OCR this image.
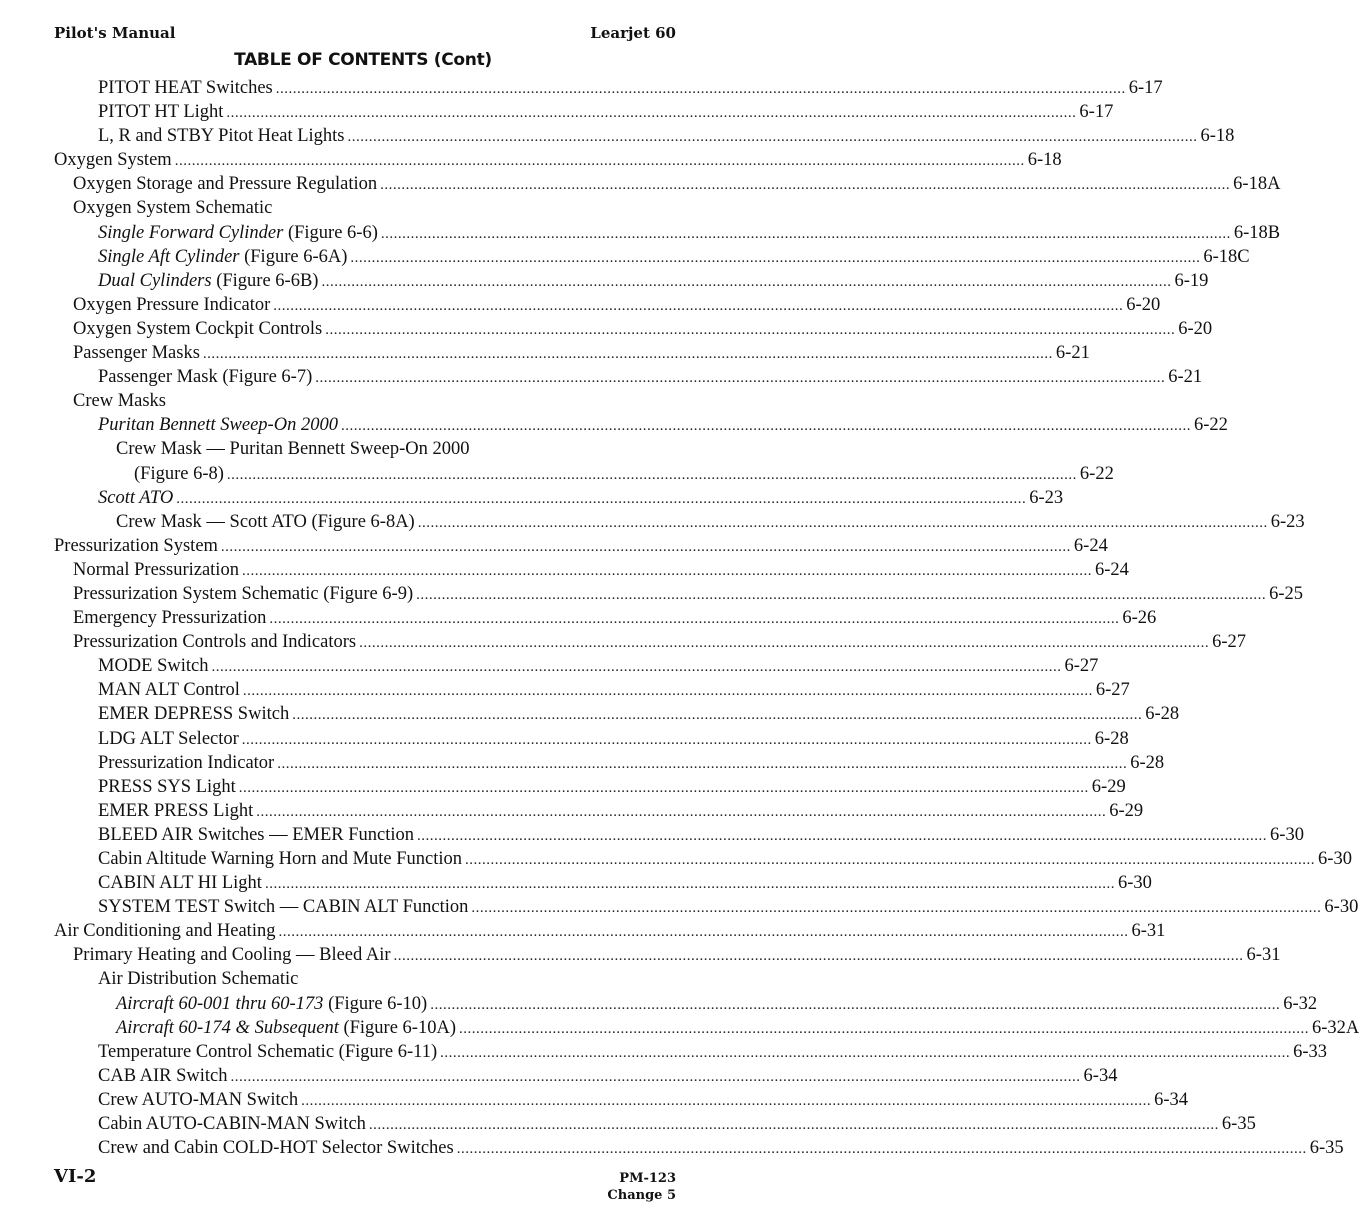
Pilot's Manual	Learjet 60
TABLE OF CONTENTS (Cont)
PITOT HEAT Switches ........................................................................................................................................................................................................ 6-17
PITOT HT Light ........................................................................................................................................................................................................ 6-17
L, R and STBY Pitot Heat Lights ........................................................................................................................................................................................................ 6-18
Oxygen System ........................................................................................................................................................................................................ 6-18
Oxygen Storage and Pressure Regulation ........................................................................................................................................................................................................ 6-18A
Oxygen System Schematic
Single Forward Cylinder (Figure 6-6) ........................................................................................................................................................................................................ 6-18B
Single Aft Cylinder (Figure 6-6A) ........................................................................................................................................................................................................ 6-18C
Dual Cylinders (Figure 6-6B) ........................................................................................................................................................................................................ 6-19
Oxygen Pressure Indicator ........................................................................................................................................................................................................ 6-20
Oxygen System Cockpit Controls ........................................................................................................................................................................................................ 6-20
Passenger Masks ........................................................................................................................................................................................................ 6-21
Passenger Mask (Figure 6-7) ........................................................................................................................................................................................................ 6-21
Crew Masks
Puritan Bennett Sweep-On 2000 ........................................................................................................................................................................................................ 6-22
Crew Mask — Puritan Bennett Sweep-On 2000
(Figure 6-8) ........................................................................................................................................................................................................ 6-22
Scott ATO ........................................................................................................................................................................................................ 6-23
Crew Mask — Scott ATO (Figure 6-8A) ........................................................................................................................................................................................................ 6-23
Pressurization System ........................................................................................................................................................................................................ 6-24
Normal Pressurization ........................................................................................................................................................................................................ 6-24
Pressurization System Schematic (Figure 6-9) ........................................................................................................................................................................................................ 6-25
Emergency Pressurization ........................................................................................................................................................................................................ 6-26
Pressurization Controls and Indicators ........................................................................................................................................................................................................ 6-27
MODE Switch ........................................................................................................................................................................................................ 6-27
MAN ALT Control ........................................................................................................................................................................................................ 6-27
EMER DEPRESS Switch ........................................................................................................................................................................................................ 6-28
LDG ALT Selector ........................................................................................................................................................................................................ 6-28
Pressurization Indicator ........................................................................................................................................................................................................ 6-28
PRESS SYS Light ........................................................................................................................................................................................................ 6-29
EMER PRESS Light ........................................................................................................................................................................................................ 6-29
BLEED AIR Switches — EMER Function ........................................................................................................................................................................................................ 6-30
Cabin Altitude Warning Horn and Mute Function ........................................................................................................................................................................................................ 6-30
CABIN ALT HI Light ........................................................................................................................................................................................................ 6-30
SYSTEM TEST Switch — CABIN ALT Function ........................................................................................................................................................................................................ 6-30
Air Conditioning and Heating ........................................................................................................................................................................................................ 6-31
Primary Heating and Cooling — Bleed Air ........................................................................................................................................................................................................ 6-31
Air Distribution Schematic
Aircraft 60-001 thru 60-173 (Figure 6-10) ........................................................................................................................................................................................................ 6-32
Aircraft 60-174 & Subsequent (Figure 6-10A) ........................................................................................................................................................................................................ 6-32A
Temperature Control Schematic (Figure 6-11) ........................................................................................................................................................................................................ 6-33
CAB AIR Switch ........................................................................................................................................................................................................ 6-34
Crew AUTO-MAN Switch ........................................................................................................................................................................................................ 6-34
Cabin AUTO-CABIN-MAN Switch ........................................................................................................................................................................................................ 6-35
Crew and Cabin COLD-HOT Selector Switches ........................................................................................................................................................................................................ 6-35
VI-2	PM-123
Change 5
